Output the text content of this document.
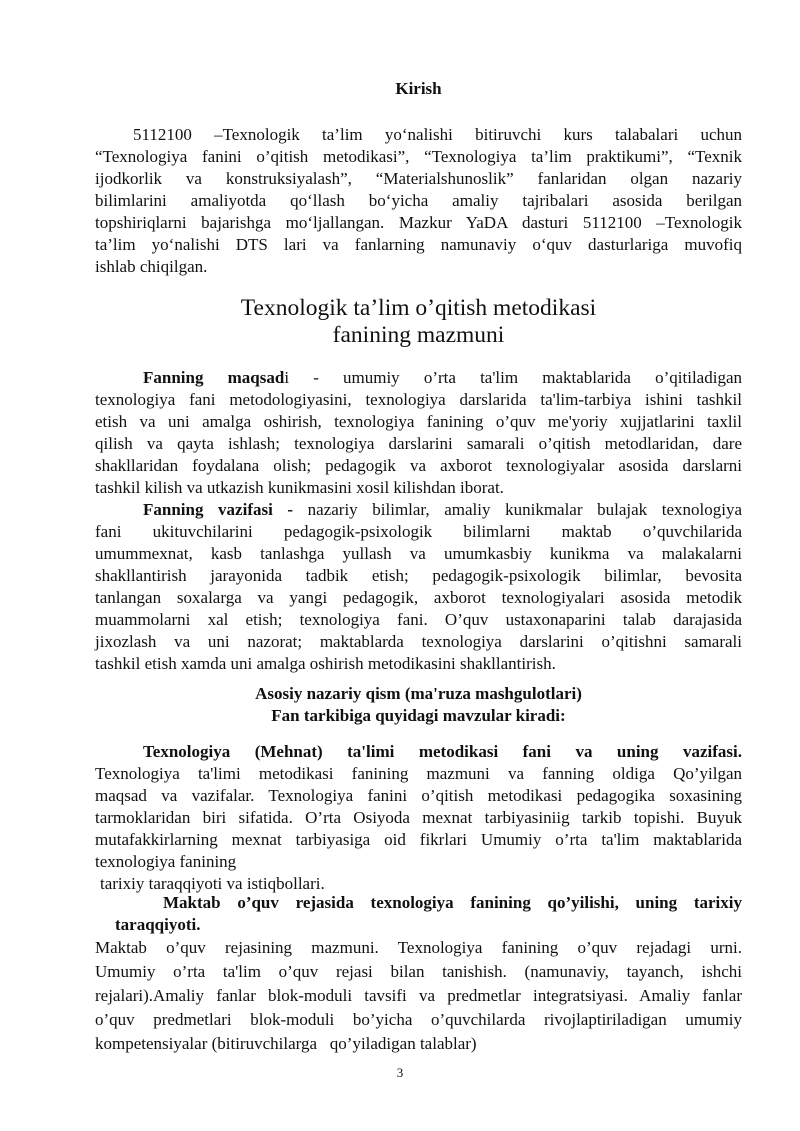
Kirish
5112100 –Texnologik ta’lim yo‘nalishi bitiruvchi kurs talabalari uchun
“Texnologiya fanini o’qitish metodikasi”, “Texnologiya ta’lim praktikumi”, “Texnik
ijodkorlik va konstruksiyalash”, “Materialshunoslik” fanlaridan olgan nazariy
bilimlarini amaliyotda qo‘llash bo‘yicha amaliy tajribalari asosida berilgan
topshiriqlarni bajarishga mo‘ljallangan. Mazkur YaDA dasturi 5112100 –Texnologik
ta’lim yo‘nalishi DTS lari va fanlarning namunaviy o‘quv dasturlariga muvofiq
ishlab chiqilgan.
Texnologik ta’lim o’qitish metodikasi
fanining mazmuni
Fanning maqsadi - umumiy o’rta ta'lim maktablarida o’qitiladigan
texnologiya fani metodologiyasini, texnologiya darslarida ta'lim-tarbiya ishini tashkil
etish va uni amalga oshirish, texnologiya fanining o’quv me'yoriy xujjatlarini taxlil
qilish va qayta ishlash; texnologiya darslarini samarali o’qitish metodlaridan, dare
shakllaridan foydalana olish; pedagogik va axborot texnologiyalar asosida darslarni
tashkil kilish va utkazish kunikmasini xosil kilishdan iborat.
Fanning vazifasi - nazariy bilimlar, amaliy kunikmalar bulajak texnologiya
fani ukituvchilarini pedagogik-psixologik bilimlarni maktab o’quvchilarida
umummexnat, kasb tanlashga yullash va umumkasbiy kunikma va malakalarni
shakllantirish jarayonida tadbik etish; pedagogik-psixologik bilimlar, bevosita
tanlangan soxalarga va yangi pedagogik, axborot texnologiyalari asosida metodik
muammolarni xal etish; texnologiya fani. O’quv ustaxonaparini talab darajasida
jixozlash va uni nazorat; maktablarda texnologiya darslarini o’qitishni samarali
tashkil etish xamda uni amalga oshirish metodikasini shakllantirish.
Asosiy nazariy qism (ma'ruza mashgulotlari)
Fan tarkibiga quyidagi mavzular kiradi:
Texnologiya (Mehnat) ta'limi metodikasi fani va uning vazifasi.
Texnologiya ta'limi metodikasi fanining mazmuni va fanning oldiga Qo’yilgan
maqsad va vazifalar. Texnologiya fanini o’qitish metodikasi pedagogika soxasining
tarmoklaridan biri sifatida. O’rta Osiyoda mexnat tarbiyasiniig tarkib topishi. Buyuk
mutafakkirlarning mexnat tarbiyasiga oid fikrlari Umumiy o’rta ta'lim maktablarida
texnologiya fanining
tarixiy taraqqiyoti va istiqbollari.
Maktab o’quv rejasida texnologiya fanining qo’yilishi, uning tarixiy
taraqqiyoti.
Maktab o’quv rejasining mazmuni. Texnologiya fanining o’quv rejadagi urni.
Umumiy o’rta ta'lim o’quv rejasi bilan tanishish. (namunaviy, tayanch, ishchi
rejalari).Amaliy fanlar blok-moduli tavsifi va predmetlar integratsiyasi. Amaliy fanlar
o’quv predmetlari blok-moduli bo’yicha o’quvchilarda rivojlaptiriladigan umumiy
kompetensiyalar (bitiruvchilarga   qo’yiladigan talablar)
3
